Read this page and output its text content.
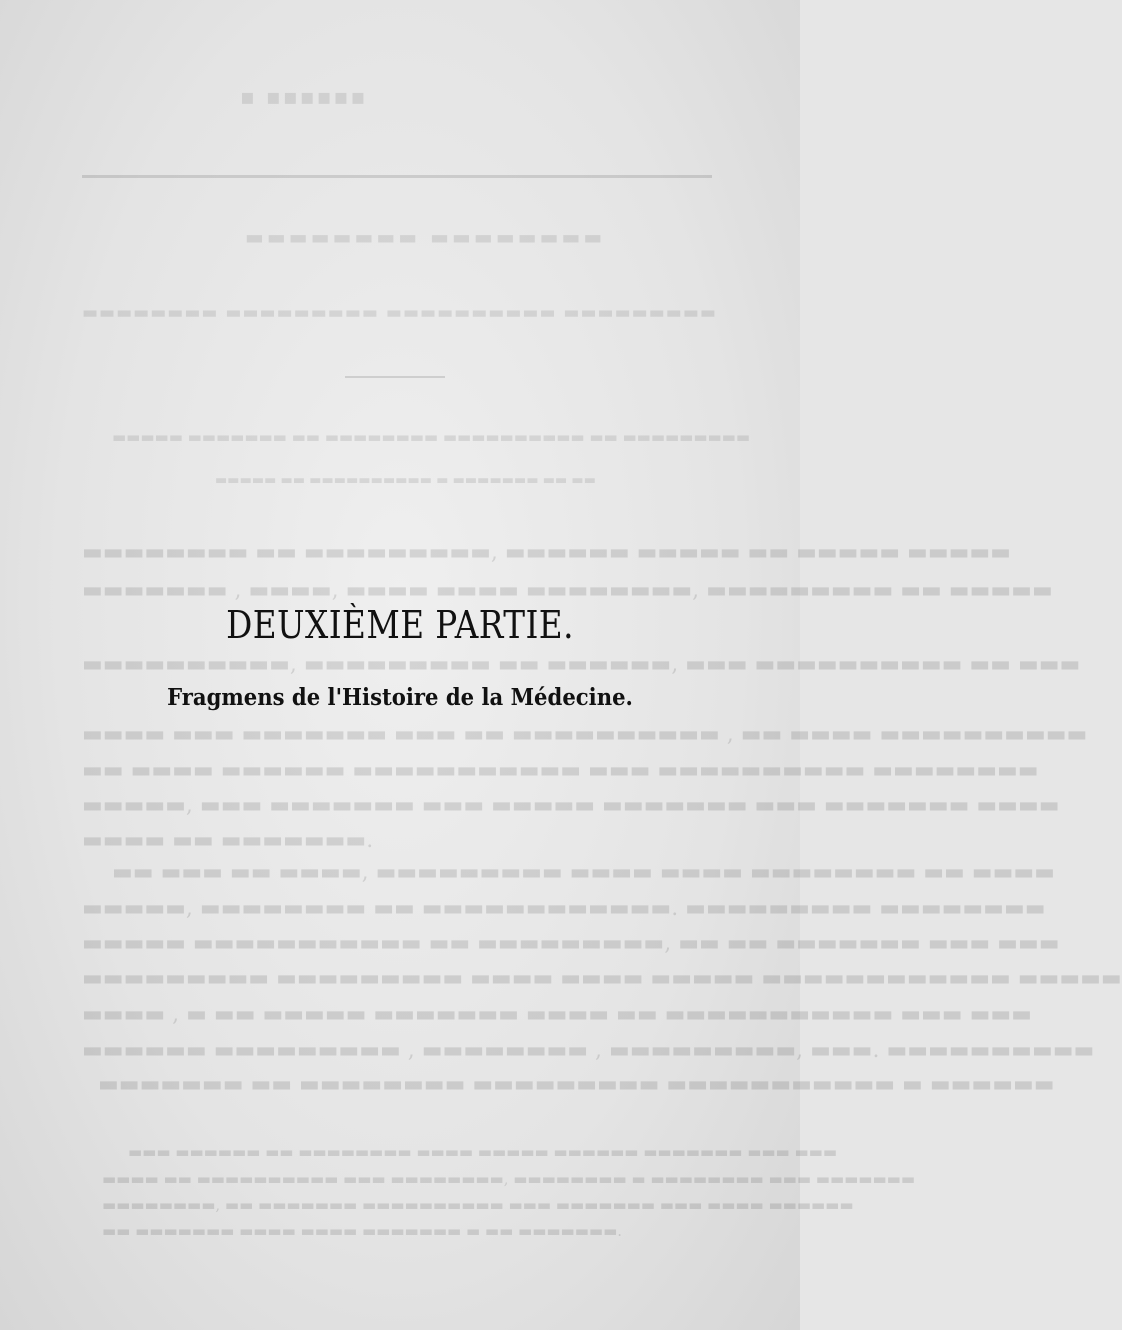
▪ ▪▪▪▪▪▪
▬▬▬▬▬▬▬▬ ▬▬▬▬▬▬▬▬
▬▬▬▬▬▬▬▬ ▬▬▬▬▬▬▬▬▬ ▬▬▬▬▬▬▬▬▬▬ ▬▬▬▬▬▬▬▬▬
▬▬▬▬▬ ▬▬▬▬▬▬▬ ▬▬ ▬▬▬▬▬▬▬▬ ▬▬▬▬▬▬▬▬▬▬ ▬▬ ▬▬▬▬▬▬▬▬▬
▬▬▬▬▬ ▬▬ ▬▬▬▬▬▬▬▬▬▬ ▬ ▬▬▬▬▬▬▬ ▬▬ ▬▬
▬▬▬▬▬▬▬▬ ▬▬ ▬▬▬▬▬▬▬▬▬, ▬▬▬▬▬▬ ▬▬▬▬▬ ▬▬ ▬▬▬▬▬ ▬▬▬▬▬
▬▬▬▬▬▬▬ , ▬▬▬▬, ▬▬▬▬ ▬▬▬▬ ▬▬▬▬▬▬▬▬, ▬▬▬▬▬▬▬▬▬ ▬▬ ▬▬▬▬▬
▬▬▬▬▬▬▬▬▬▬, ▬▬▬▬▬▬▬▬▬ ▬▬ ▬▬▬▬▬▬, ▬▬▬ ▬▬▬▬▬▬▬▬▬▬ ▬▬ ▬▬▬
▬▬▬▬ ▬▬▬ ▬▬▬▬▬▬▬ ▬▬▬ ▬▬ ▬▬▬▬▬▬▬▬▬▬ , ▬▬ ▬▬▬▬ ▬▬▬▬▬▬▬▬▬▬
▬▬ ▬▬▬▬ ▬▬▬▬▬▬ ▬▬▬▬▬▬▬▬▬▬▬ ▬▬▬ ▬▬▬▬▬▬▬▬▬▬ ▬▬▬▬▬▬▬▬
▬▬▬▬▬, ▬▬▬ ▬▬▬▬▬▬▬ ▬▬▬ ▬▬▬▬▬ ▬▬▬▬▬▬▬ ▬▬▬ ▬▬▬▬▬▬▬ ▬▬▬▬
▬▬▬▬ ▬▬ ▬▬▬▬▬▬▬.
▬▬ ▬▬▬ ▬▬ ▬▬▬▬, ▬▬▬▬▬▬▬▬▬ ▬▬▬▬ ▬▬▬▬ ▬▬▬▬▬▬▬▬ ▬▬ ▬▬▬▬
▬▬▬▬▬, ▬▬▬▬▬▬▬▬ ▬▬ ▬▬▬▬▬▬▬▬▬▬▬▬. ▬▬▬▬▬▬▬▬▬ ▬▬▬▬▬▬▬▬
▬▬▬▬▬ ▬▬▬▬▬▬▬▬▬▬▬ ▬▬ ▬▬▬▬▬▬▬▬▬, ▬▬ ▬▬ ▬▬▬▬▬▬▬ ▬▬▬ ▬▬▬
▬▬▬▬▬▬▬▬▬ ▬▬▬▬▬▬▬▬▬ ▬▬▬▬ ▬▬▬▬ ▬▬▬▬▬ ▬▬▬▬▬▬▬▬▬▬▬▬ ▬▬▬▬▬
▬▬▬▬ , ▬ ▬▬ ▬▬▬▬▬ ▬▬▬▬▬▬▬ ▬▬▬▬ ▬▬ ▬▬▬▬▬▬▬▬▬▬▬ ▬▬▬ ▬▬▬
▬▬▬▬▬▬ ▬▬▬▬▬▬▬▬▬ , ▬▬▬▬▬▬▬▬ , ▬▬▬▬▬▬▬▬▬, ▬▬▬. ▬▬▬▬▬▬▬▬▬▬
▬▬▬▬▬▬▬ ▬▬ ▬▬▬▬▬▬▬▬ ▬▬▬▬▬▬▬▬▬ ▬▬▬▬▬▬▬▬▬▬▬ ▬ ▬▬▬▬▬▬
▬▬▬ ▬▬▬▬▬▬ ▬▬ ▬▬▬▬▬▬▬▬ ▬▬▬▬ ▬▬▬▬▬ ▬▬▬▬▬▬ ▬▬▬▬▬▬▬ ▬▬▬ ▬▬▬
▬▬▬▬ ▬▬ ▬▬▬▬▬▬▬▬▬▬ ▬▬▬ ▬▬▬▬▬▬▬▬, ▬▬▬▬▬▬▬▬ ▬ ▬▬▬▬▬▬▬▬ ▬▬▬ ▬▬▬▬▬▬▬
▬▬▬▬▬▬▬▬, ▬▬ ▬▬▬▬▬▬▬ ▬▬▬▬▬▬▬▬▬▬ ▬▬▬ ▬▬▬▬▬▬▬ ▬▬▬ ▬▬▬▬ ▬▬▬▬▬▬
▬▬ ▬▬▬▬▬▬▬ ▬▬▬▬ ▬▬▬▬ ▬▬▬▬▬▬▬ ▬ ▬▬ ▬▬▬▬▬▬▬.
DEUXIÈME PARTIE.
Fragmens de l'Histoire de la Médecine.
